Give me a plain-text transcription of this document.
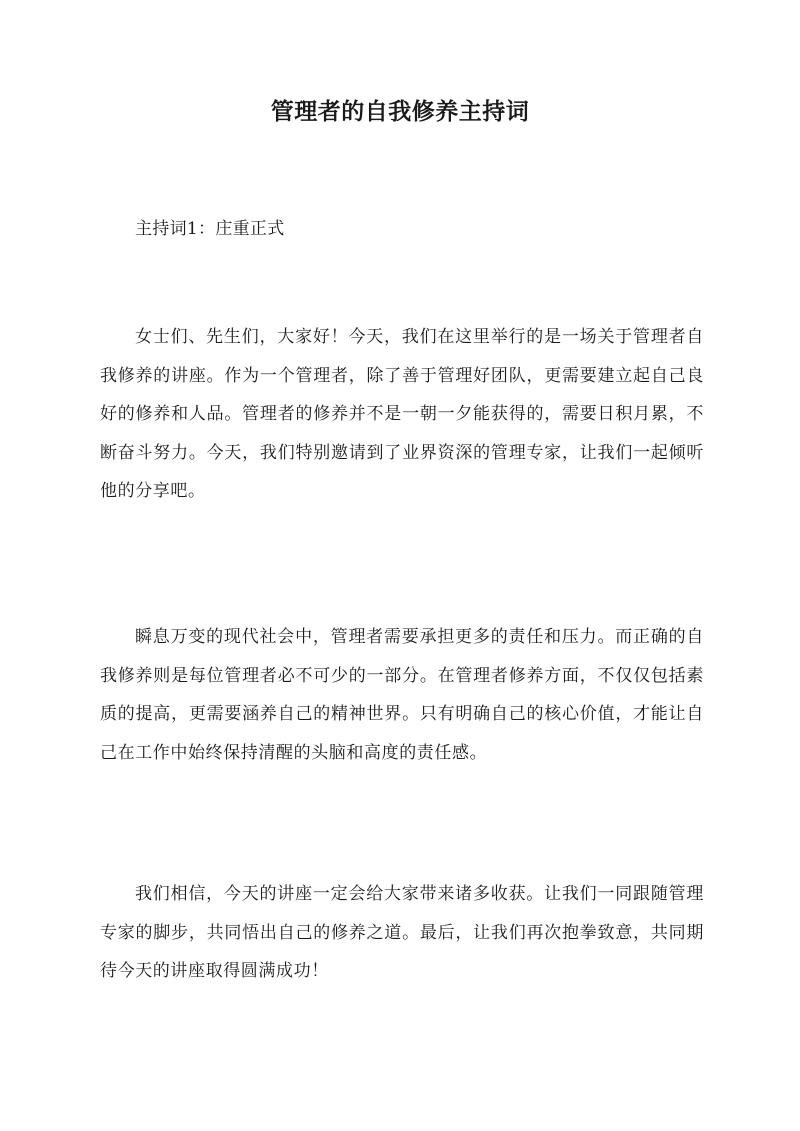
管理者的自我修养主持词
主持词1：庄重正式

女士们、先生们，大家好！今天，我们在这里举行的是一场关于管理者自我修养的讲座。作为一个管理者，除了善于管理好团队，更需要建立起自己良好的修养和人品。管理者的修养并不是一朝一夕能获得的，需要日积月累，不断奋斗努力。今天，我们特别邀请到了业界资深的管理专家，让我们一起倾听他的分享吧。

瞬息万变的现代社会中，管理者需要承担更多的责任和压力。而正确的自我修养则是每位管理者必不可少的一部分。在管理者修养方面，不仅仅包括素质的提高，更需要涵养自己的精神世界。只有明确自己的核心价值，才能让自己在工作中始终保持清醒的头脑和高度的责任感。

我们相信，今天的讲座一定会给大家带来诸多收获。让我们一同跟随管理专家的脚步，共同悟出自己的修养之道。最后，让我们再次抱拳致意，共同期待今天的讲座取得圆满成功！
